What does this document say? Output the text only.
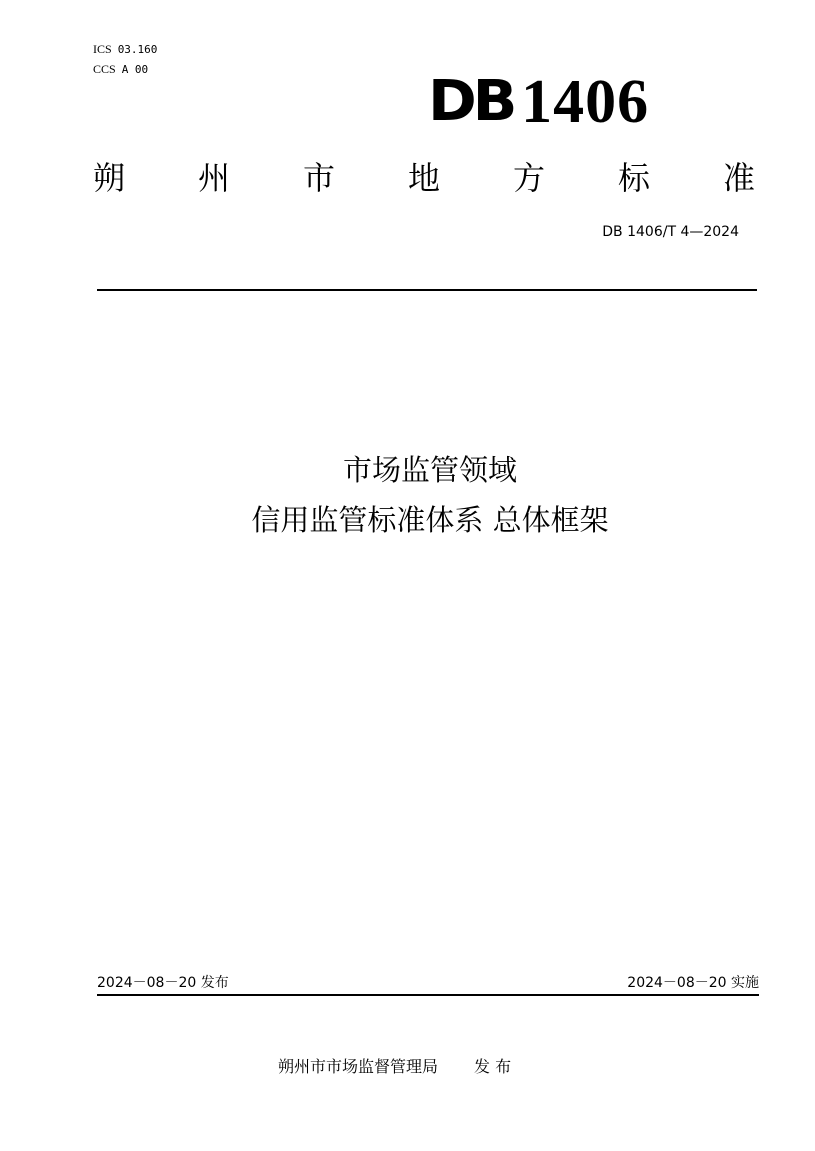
ICS 03.160
CCS A 00	DB 1406
朔 州 市 地 方 标 准
DB 1406/T 4—2024
市场监管领域
信用监管标准体系 总体框架
2024－08－20 发布	2024－08－20 实施
朔州市市场监督管理局 发 布
